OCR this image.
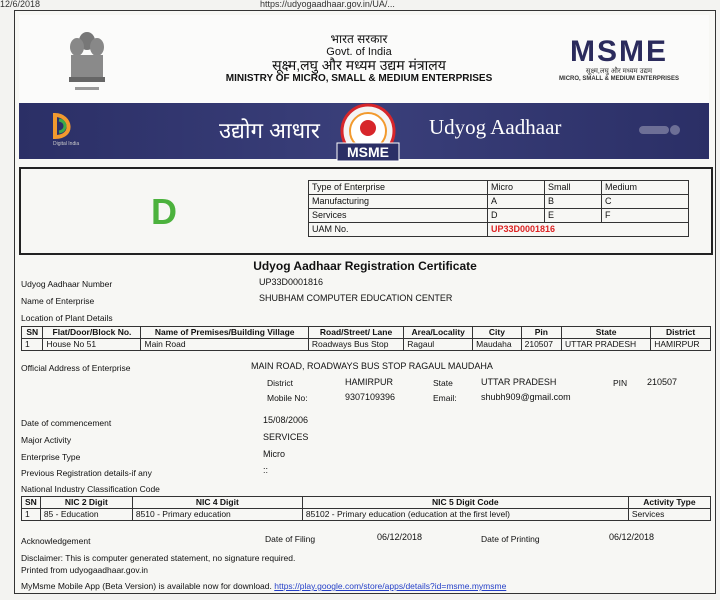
12/6/2018	https://udyogaadhaar.gov.in/UA/...
भारत सरकार
Govt. of India
सूक्ष्म,लघु और मध्यम उद्यम मंत्रालय
MINISTRY OF MICRO, SMALL & MEDIUM ENTERPRISES
MSME
सूक्ष्म,लघु और मध्यम उद्यम
MICRO, SMALL & MEDIUM ENTERPRISES
Digital India
उद्योग आधार
MSME
Udyog Aadhaar
D
Type of Enterprise	Micro	Small	Medium
Manufacturing	A	B	C
Services	D	E	F
UAM No.	UP33D0001816		
Udyog Aadhaar Registration Certificate
Udyog Aadhaar Number	UP33D0001816
Name of Enterprise	SHUBHAM COMPUTER EDUCATION CENTER
Location of Plant Details
SN	Flat/Door/Block No.	Name of Premises/Building Village	Road/Street/ Lane	Area/Locality	City	Pin	State	District
1	House No 51	Main Road	Roadways Bus Stop	Ragaul	Maudaha	210507	UTTAR PRADESH	HAMIRPUR
Official Address of Enterprise	MAIN ROAD, ROADWAYS BUS STOP RAGAUL MAUDAHA
District	HAMIRPUR	State	UTTAR PRADESH	PIN 210507
Mobile No:	9307109396	Email:	shubh909@gmail.com
Date of commencement	15/08/2006
Major Activity	SERVICES
Enterprise Type	Micro
Previous Registration details-if any	::
National Industry Classification Code
SN	NIC 2 Digit	NIC 4 Digit	NIC 5 Digit Code	Activity Type
1	85 - Education	8510 - Primary education	85102 - Primary education (education at the first level)	Services
Acknowledgement	Date of Filing	06/12/2018	Date of Printing	06/12/2018
Disclaimer: This is computer generated statement, no signature required.
Printed from udyogaadhaar.gov.in
MyMsme Mobile App (Beta Version) is available now for download. https://play.google.com/store/apps/details?id=msme.mymsme
